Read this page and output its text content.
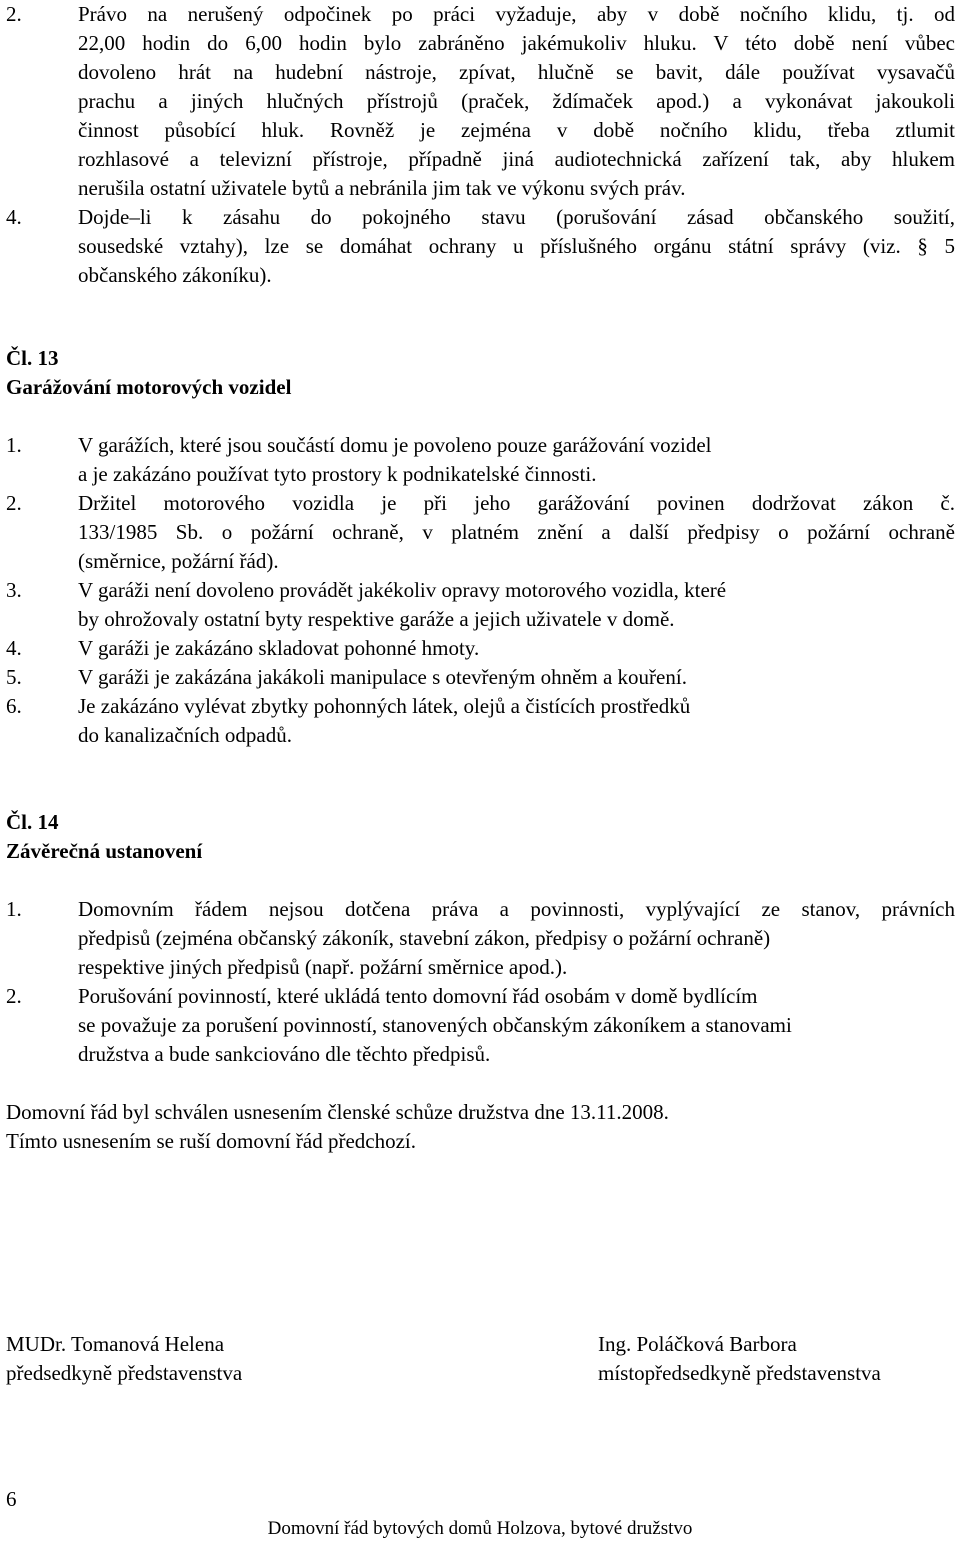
2.	Právo na nerušený odpočinek po práci vyžaduje, aby v době nočního klidu, tj. od
22,00 hodin do 6,00 hodin bylo zabráněno jakémukoliv hluku. V této době není vůbec
dovoleno hrát na hudební nástroje, zpívat, hlučně se bavit, dále používat vysavačů
prachu a jiných hlučných přístrojů (praček, ždímaček apod.) a vykonávat jakoukoli
činnost působící hluk. Rovněž je zejména v době nočního klidu, třeba ztlumit
rozhlasové a televizní přístroje, případně jiná audiotechnická zařízení tak, aby hlukem
nerušila ostatní uživatele bytů a nebránila jim tak ve výkonu svých práv.
4.	Dojde–li k zásahu do pokojného stavu (porušování zásad občanského soužití,
sousedské vztahy), lze se domáhat ochrany u příslušného orgánu státní správy (viz. § 5
občanského zákoníku).
Čl. 13
Garážování motorových vozidel
1.	V garážích, které jsou součástí domu je povoleno pouze garážování vozidel
a je zakázáno používat tyto prostory k podnikatelské činnosti.
2.	Držitel motorového vozidla je při jeho garážování povinen dodržovat zákon č.
133/1985 Sb. o požární ochraně, v platném znění a další předpisy o požární ochraně
(směrnice, požární řád).
3.	V garáži není dovoleno provádět jakékoliv opravy motorového vozidla, které
by ohrožovaly ostatní byty respektive garáže a jejich uživatele v domě.
4.	V garáži je zakázáno skladovat pohonné hmoty.
5.	V garáži je zakázána jakákoli manipulace s otevřeným ohněm a kouření.
6.	Je zakázáno vylévat zbytky pohonných látek, olejů a čistících prostředků
do kanalizačních odpadů.
Čl. 14
Závěrečná ustanovení
1.	Domovním řádem nejsou dotčena práva a povinnosti, vyplývající ze stanov, právních
předpisů (zejména občanský zákoník, stavební zákon, předpisy o požární ochraně)
respektive jiných předpisů (např. požární směrnice apod.).
2.	Porušování povinností, které ukládá tento domovní řád osobám v domě bydlícím
se považuje za porušení povinností, stanovených občanským zákoníkem a stanovami
družstva a bude sankciováno dle těchto předpisů.
Domovní řád byl schválen usnesením členské schůze družstva dne 13.11.2008.
Tímto usnesením se ruší domovní řád předchozí.
MUDr. Tomanová Helena
předsedkyně představenstva
Ing. Poláčková Barbora
místopředsedkyně představenstva
6
Domovní řád bytových domů Holzova, bytové družstvo
